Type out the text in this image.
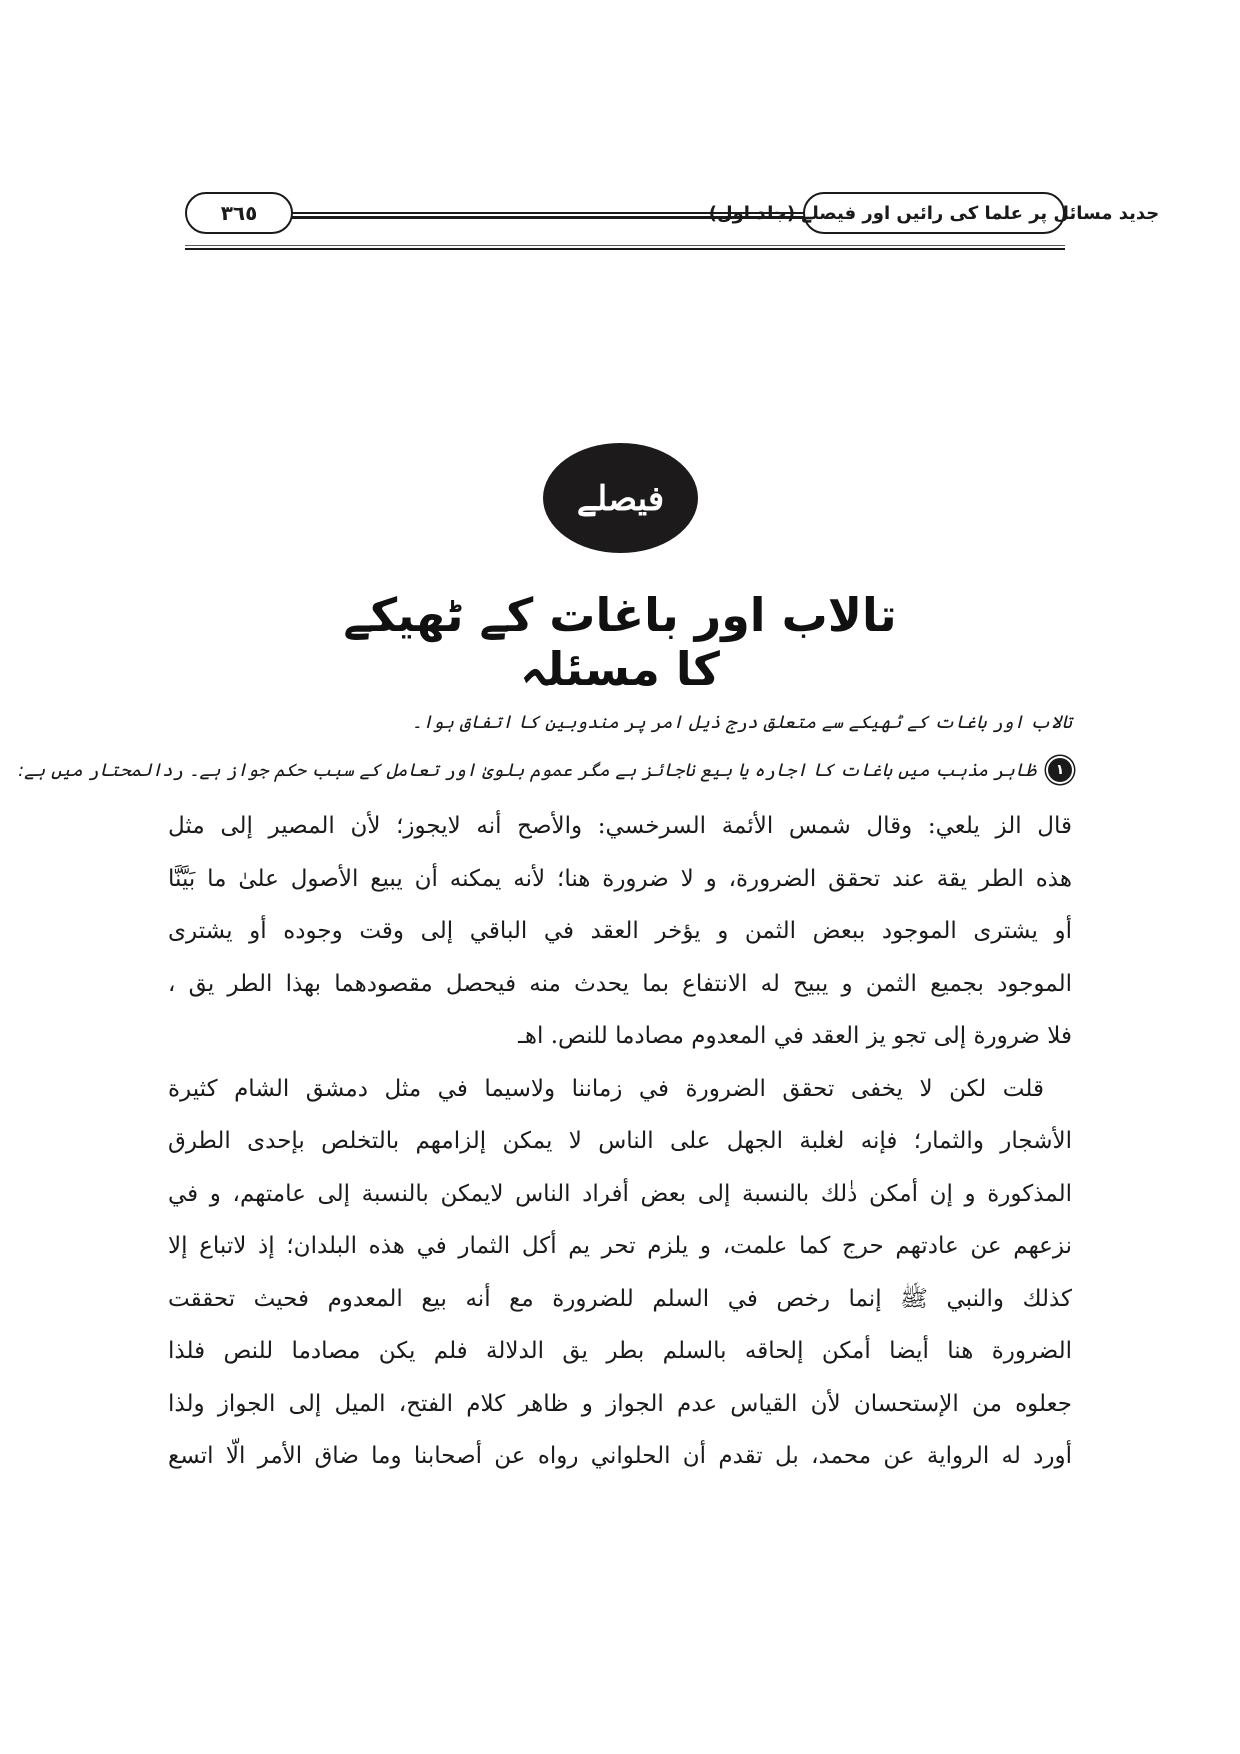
٣٦٥	جدید مسائل پر علما کی رائیں اور فیصلے (جلد اول)
فیصلے
تالاب اور باغات کے ٹھیکے کا مسئلہ
تالاب اور باغات کے ٹھیکے سے متعلق درج ذیل امر پر مندوبین کا اتفاق ہوا۔
١
ظاہر مذہب میں باغات کا اجارہ یا بیع ناجائز ہے مگر عموم بلویٰ اور تعامل کے سبب حکم جواز ہے۔ ردالمحتار میں ہے:
قال الز يلعي: وقال شمس الأئمة السرخسي: والأصح أنه لايجوز؛ لأن المصير إلى مثل
هذه الطر يقة عند تحقق الضرورة، و لا ضرورة هنا؛ لأنه يمكنه أن يبيع الأصول علىٰ ما بَيَّنَّا
أو يشترى الموجود ببعض الثمن و يؤخر العقد في الباقي إلى وقت وجوده أو يشترى
الموجود بجميع الثمن و يبيح له الانتفاع بما يحدث منه فيحصل مقصودهما بهذا الطر يق ،
فلا ضرورة إلى تجو يز العقد في المعدوم مصادما للنص. اهـ
قلت لكن لا يخفى تحقق الضرورة في زماننا ولاسيما في مثل دمشق الشام كثيرة
الأشجار والثمار؛ فإنه لغلبة الجهل على الناس لا يمكن إلزامهم بالتخلص بإحدى الطرق
المذكورة و إن أمكن ذٰلك بالنسبة إلى بعض أفراد الناس لايمكن بالنسبة إلى عامتهم، و في
نزعهم عن عادتهم حرج كما علمت، و يلزم تحر يم أكل الثمار في هذه البلدان؛ إذ لاتباع إلا
كذلك والنبي ﷺ إنما رخص في السلم للضرورة مع أنه بيع المعدوم فحيث تحققت
الضرورة هنا أيضا أمكن إلحاقه بالسلم بطر يق الدلالة فلم يكن مصادما للنص فلذا
جعلوه من الإستحسان لأن القياس عدم الجواز و ظاهر كلام الفتح، الميل إلى الجواز ولذا
أورد له الرواية عن محمد، بل تقدم أن الحلواني رواه عن أصحابنا وما ضاق الأمر الّا اتسع
